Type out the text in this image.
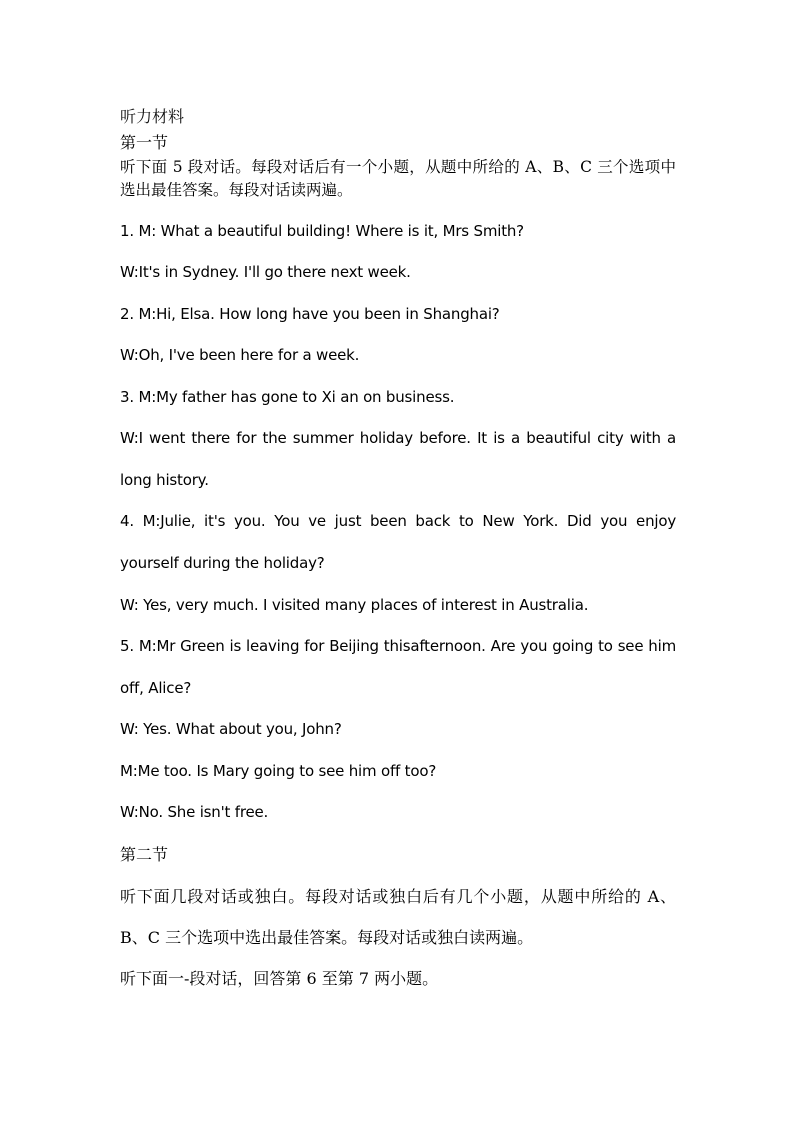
听力材料

第一节

听下面 5 段对话。每段对话后有一个小题，从题中所给的 A、B、C 三个选项中选出最佳答案。每段对话读两遍。

1. M: What a beautiful building! Where is it, Mrs Smith?

W:It's in Sydney. I'll go there next week.

2. M:Hi, Elsa. How long have you been in Shanghai?

W:Oh, I've been here for a week.

3. M:My father has gone to Xi an on business.

W:I went there for the summer holiday before. It is a beautiful city with a long history.

4. M:Julie, it's you. You ve just been back to New York. Did you enjoy yourself during the holiday?

W: Yes, very much. I visited many places of interest in Australia.

5. M:Mr Green is leaving for Beijing thisafternoon. Are you going to see him off, Alice?

W: Yes. What about you, John?

M:Me too. Is Mary going to see him off too?

W:No. She isn't free.

第二节

听下面几段对话或独白。每段对话或独白后有几个小题，从题中所给的 A、B、C 三个选项中选出最佳答案。每段对话或独白读两遍。

听下面一-段对话，回答第 6 至第 7 两小题。
